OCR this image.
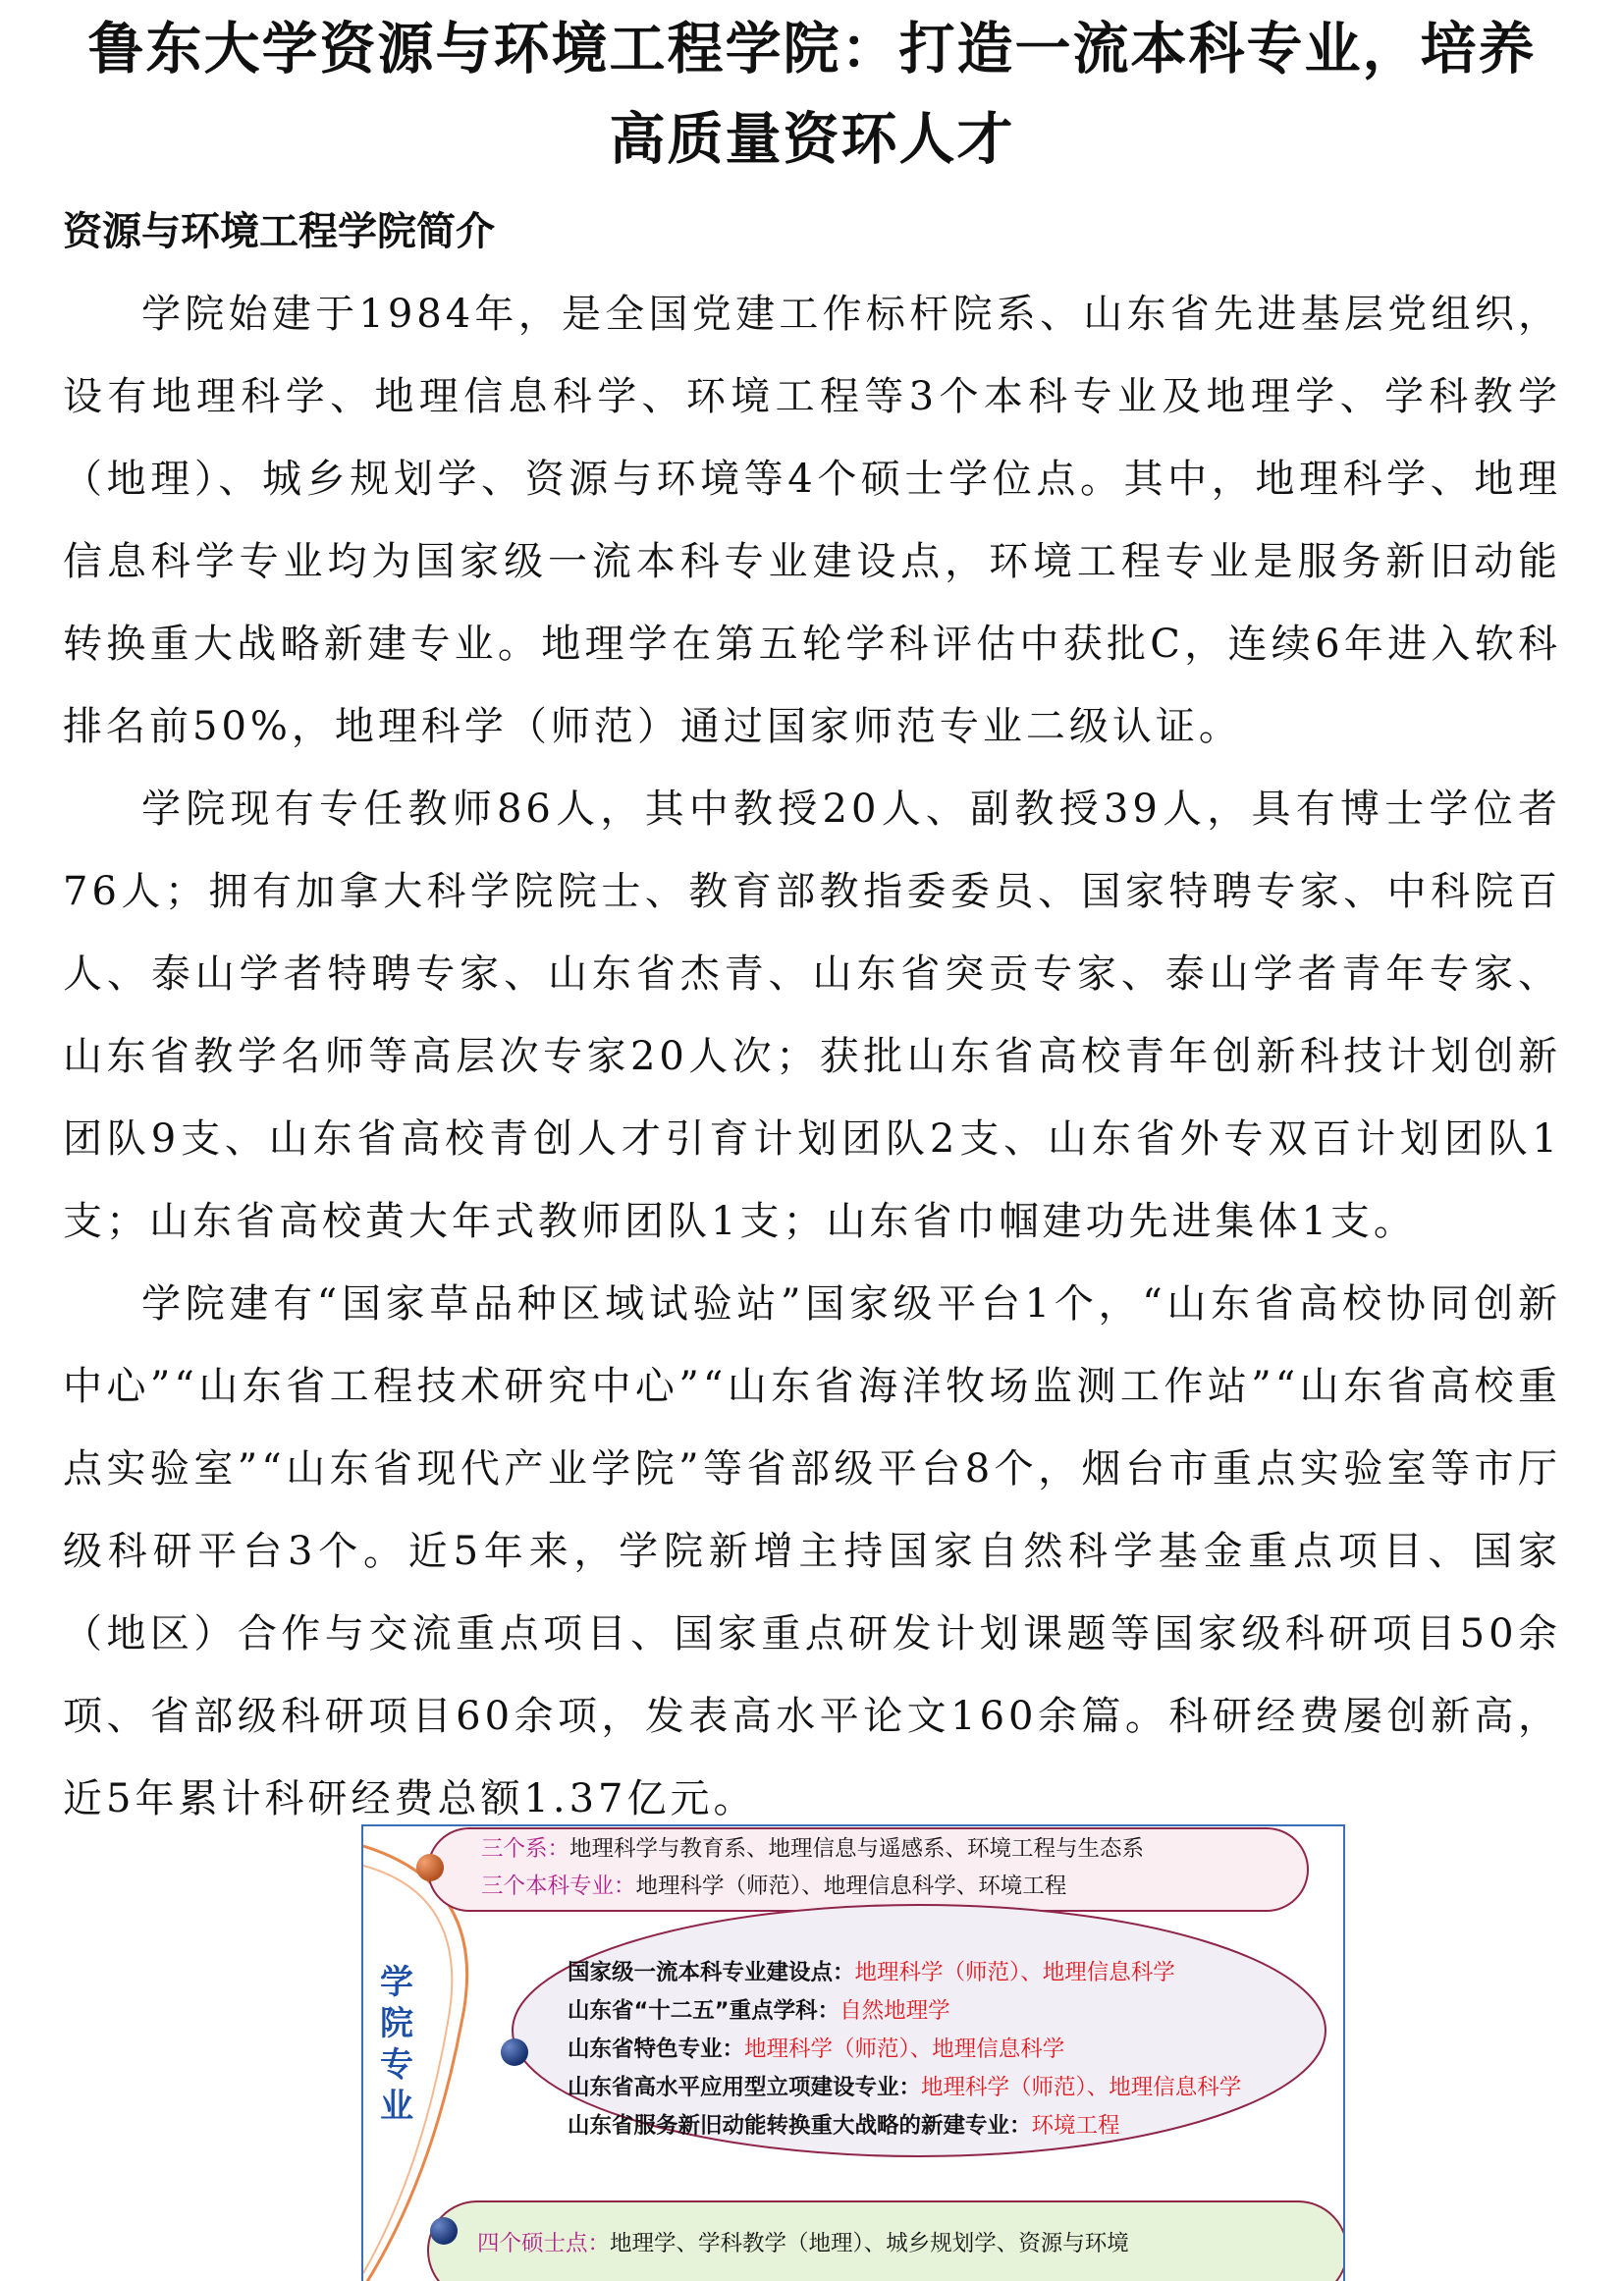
鲁东大学资源与环境工程学院：打造一流本科专业，培养
高质量资环人才
资源与环境工程学院简介

学院始建于1984年，是全国党建工作标杆院系、山东省先进基层党组织，设有地理科学、地理信息科学、环境工程等3个本科专业及地理学、学科教学（地理）、城乡规划学、资源与环境等4个硕士学位点。其中，地理科学、地理信息科学专业均为国家级一流本科专业建设点，环境工程专业是服务新旧动能转换重大战略新建专业。地理学在第五轮学科评估中获批C，连续6年进入软科排名前50%，地理科学（师范）通过国家师范专业二级认证。

学院现有专任教师86人，其中教授20人、副教授39人，具有博士学位者76人；拥有加拿大科学院院士、教育部教指委委员、国家特聘专家、中科院百人、泰山学者特聘专家、山东省杰青、山东省突贡专家、泰山学者青年专家、山东省教学名师等高层次专家20人次；获批山东省高校青年创新科技计划创新团队9支、山东省高校青创人才引育计划团队2支、山东省外专双百计划团队1支；山东省高校黄大年式教师团队1支；山东省巾帼建功先进集体1支。

学院建有“国家草品种区域试验站”国家级平台1个，“山东省高校协同创新中心”“山东省工程技术研究中心”“山东省海洋牧场监测工作站”“山东省高校重点实验室”“山东省现代产业学院”等省部级平台8个，烟台市重点实验室等市厅级科研平台3个。近5年来，学院新增主持国家自然科学基金重点项目、国家（地区）合作与交流重点项目、国家重点研发计划课题等国家级科研项目50余项、省部级科研项目60余项，发表高水平论文160余篇。科研经费屡创新高，近5年累计科研经费总额1.37亿元。

学
院
专
业
三个系：地理科学与教育系、地理信息与遥感系、环境工程与生态系
三个本科专业：地理科学（师范）、地理信息科学、环境工程
国家级一流本科专业建设点：地理科学（师范）、地理信息科学
山东省“十二五”重点学科：自然地理学
山东省特色专业：地理科学（师范）、地理信息科学
山东省高水平应用型立项建设专业：地理科学（师范）、地理信息科学
山东省服务新旧动能转换重大战略的新建专业：环境工程
四个硕士点：地理学、学科教学（地理）、城乡规划学、资源与环境
